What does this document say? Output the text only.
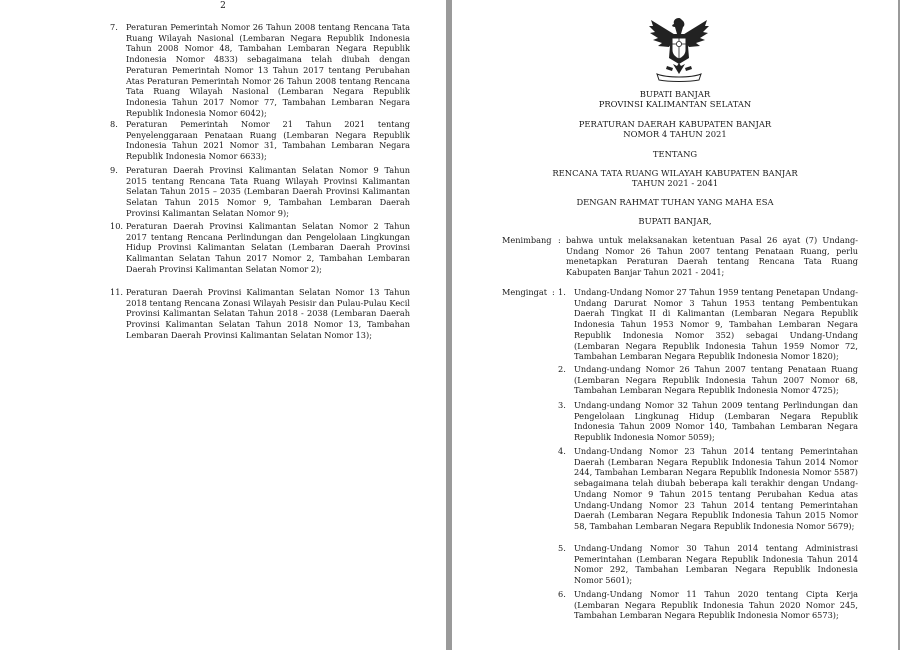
2
7. Peraturan Pemerintah Nomor 26 Tahun 2008 tentang Rencana Tata Ruang Wilayah Nasional (Lembaran Negara Republik Indonesia Tahun 2008 Nomor 48, Tambahan Lembaran Negara Republik Indonesia Nomor 4833) sebagaimana telah diubah dengan Peraturan Pemerintah Nomor 13 Tahun 2017 tentang Perubahan Atas Peraturan Pemerintah Nomor 26 Tahun 2008 tentang Rencana Tata Ruang Wilayah Nasional (Lembaran Negara Republik Indonesia Tahun 2017 Nomor 77, Tambahan Lembaran Negara Republik Indonesia Nomor 6042);
8. Peraturan Pemerintah Nomor 21 Tahun 2021 tentang Penyelenggaraan Penataan Ruang (Lembaran Negara Republik Indonesia Tahun 2021 Nomor 31, Tambahan Lembaran Negara Republik Indonesia Nomor 6633);
9. Peraturan Daerah Provinsi Kalimantan Selatan Nomor 9 Tahun 2015 tentang Rencana Tata Ruang Wilayah Provinsi Kalimantan Selatan Tahun 2015 – 2035 (Lembaran Daerah Provinsi Kalimantan Selatan Tahun 2015 Nomor 9, Tambahan Lembaran Daerah Provinsi Kalimantan Selatan Nomor 9);
10. Peraturan Daerah Provinsi Kalimantan Selatan Nomor 2 Tahun 2017 tentang Rencana Perlindungan dan Pengelolaan Lingkungan Hidup Provinsi Kalimantan Selatan (Lembaran Daerah Provinsi Kalimantan Selatan Tahun 2017 Nomor 2, Tambahan Lembaran Daerah Provinsi Kalimantan Selatan Nomor 2);
11. Peraturan Daerah Provinsi Kalimantan Selatan Nomor 13 Tahun 2018 tentang Rencana Zonasi Wilayah Pesisir dan Pulau-Pulau Kecil Provinsi Kalimantan Selatan Tahun 2018 - 2038 (Lembaran Daerah Provinsi Kalimantan Selatan Tahun 2018 Nomor 13, Tambahan Lembaran Daerah Provinsi Kalimantan Selatan Nomor 13);
BUPATI BANJAR
PROVINSI KALIMANTAN SELATAN
PERATURAN DAERAH KABUPATEN BANJAR
NOMOR 4 TAHUN 2021
TENTANG
RENCANA TATA RUANG WILAYAH KABUPATEN BANJAR
TAHUN 2021 - 2041
DENGAN RAHMAT TUHAN YANG MAHA ESA
BUPATI BANJAR,
Menimbang : bahwa untuk melaksanakan ketentuan Pasal 26 ayat (7) Undang-Undang Nomor 26 Tahun 2007 tentang Penataan Ruang, perlu menetapkan Peraturan Daerah tentang Rencana Tata Ruang Kabupaten Banjar Tahun 2021 - 2041;
Mengingat : 1. Undang-Undang Nomor 27 Tahun 1959 tentang Penetapan Undang-Undang Darurat Nomor 3 Tahun 1953 tentang Pembentukan Daerah Tingkat II di Kalimantan (Lembaran Negara Republik Indonesia Tahun 1953 Nomor 9, Tambahan Lembaran Negara Republik Indonesia Nomor 352) sebagai Undang-Undang (Lembaran Negara Republik Indonesia Tahun 1959 Nomor 72, Tambahan Lembaran Negara Republik Indonesia Nomor 1820);
2. Undang-undang Nomor 26 Tahun 2007 tentang Penataan Ruang (Lembaran Negara Republik Indonesia Tahun 2007 Nomor 68, Tambahan Lembaran Negara Republik Indonesia Nomor 4725);
3. Undang-undang Nomor 32 Tahun 2009 tentang Perlindungan dan Pengelolaan Lingkunag Hidup (Lembaran Negara Republik Indonesia Tahun 2009 Nomor 140, Tambahan Lembaran Negara Republik Indonesia Nomor 5059);
4. Undang-Undang Nomor 23 Tahun 2014 tentang Pemerintahan Daerah (Lembaran Negara Republik Indonesia Tahun 2014 Nomor 244, Tambahan Lembaran Negara Republik Indonesia Nomor 5587) sebagaimana telah diubah beberapa kali terakhir dengan Undang-Undang Nomor 9 Tahun 2015 tentang Perubahan Kedua atas Undang-Undang Nomor 23 Tahun 2014 tentang Pemerintahan Daerah (Lembaran Negara Republik Indonesia Tahun 2015 Nomor 58, Tambahan Lembaran Negara Republik Indonesia Nomor 5679);
5. Undang-Undang Nomor 30 Tahun 2014 tentang Administrasi Pemerintahan (Lembaran Negara Republik Indonesia Tahun 2014 Nomor 292, Tambahan Lembaran Negara Republik Indonesia Nomor 5601);
6. Undang-Undang Nomor 11 Tahun 2020 tentang Cipta Kerja (Lembaran Negara Republik Indonesia Tahun 2020 Nomor 245, Tambahan Lembaran Negara Republik Indonesia Nomor 6573);
